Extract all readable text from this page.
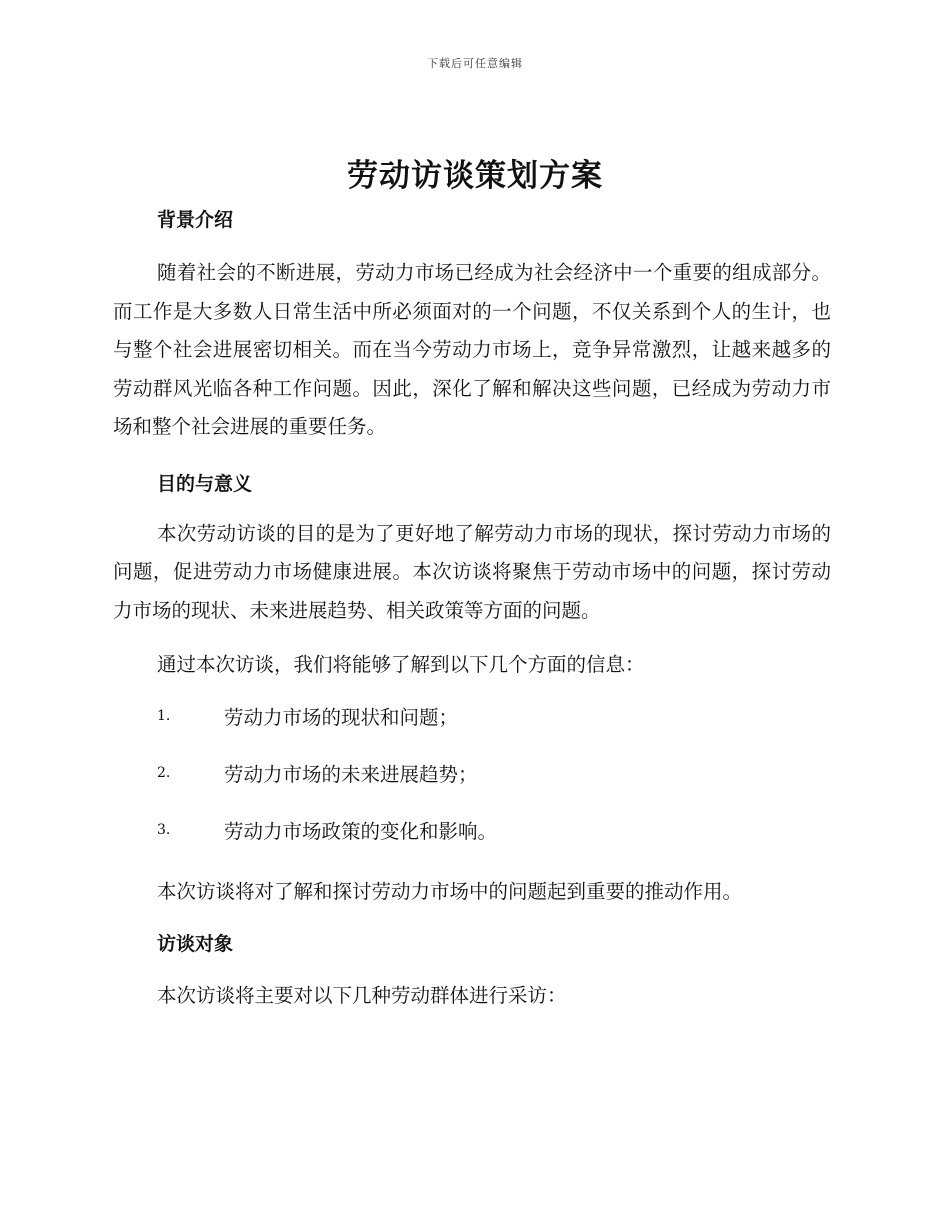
下载后可任意编辑
劳动访谈策划方案
背景介绍

随着社会的不断进展，劳动力市场已经成为社会经济中一个重要的组成部分。而工作是大多数人日常生活中所必须面对的一个问题，不仅关系到个人的生计，也与整个社会进展密切相关。而在当今劳动力市场上，竞争异常激烈，让越来越多的劳动群风光临各种工作问题。因此，深化了解和解决这些问题，已经成为劳动力市场和整个社会进展的重要任务。

目的与意义

本次劳动访谈的目的是为了更好地了解劳动力市场的现状，探讨劳动力市场的问题，促进劳动力市场健康进展。本次访谈将聚焦于劳动市场中的问题，探讨劳动力市场的现状、未来进展趋势、相关政策等方面的问题。

通过本次访谈，我们将能够了解到以下几个方面的信息：

1.	劳动力市场的现状和问题；
2.	劳动力市场的未来进展趋势；
3.	劳动力市场政策的变化和影响。

本次访谈将对了解和探讨劳动力市场中的问题起到重要的推动作用。

访谈对象

本次访谈将主要对以下几种劳动群体进行采访：
